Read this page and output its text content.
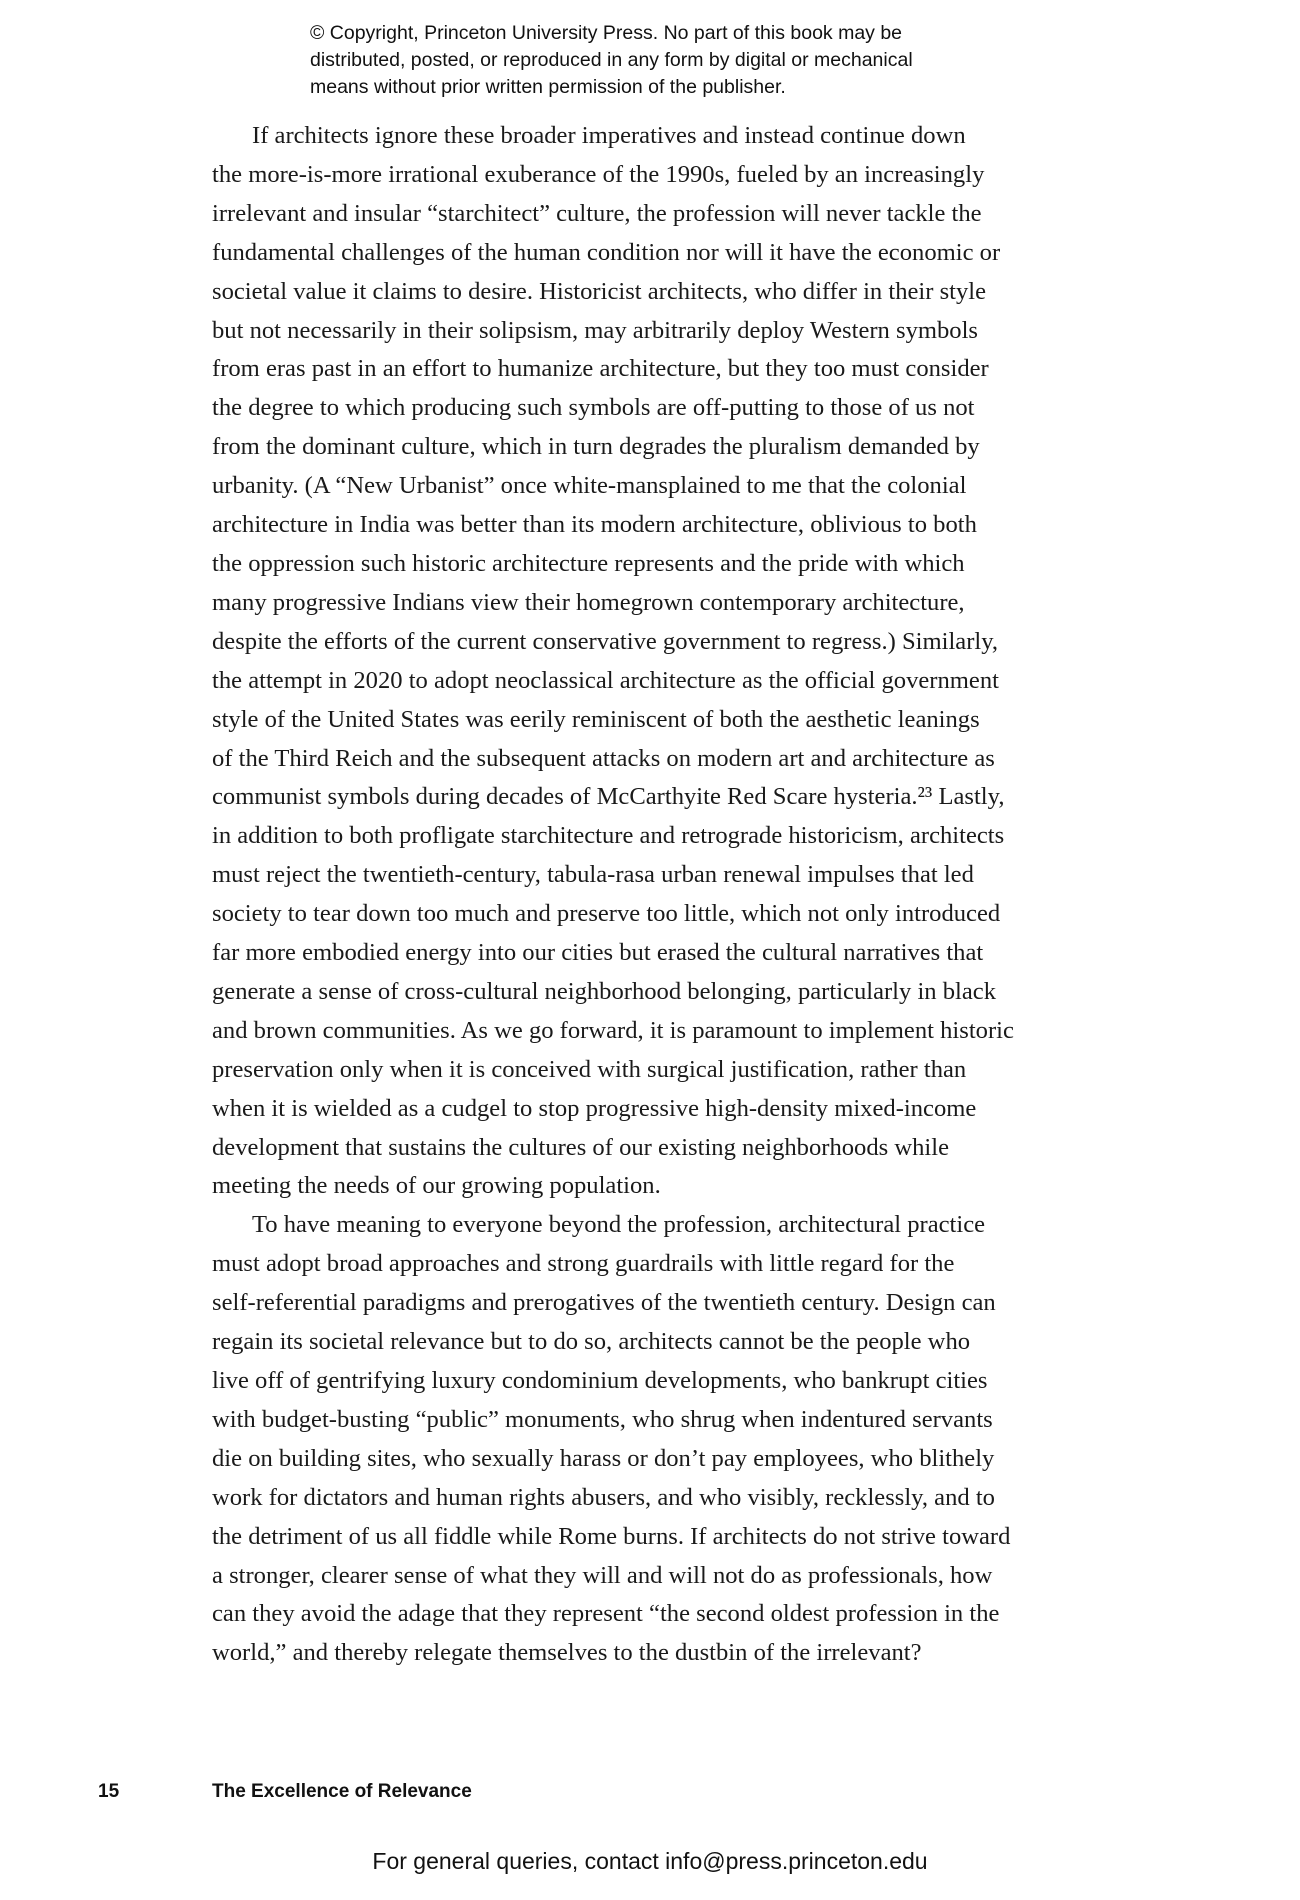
© Copyright, Princeton University Press. No part of this book may be
distributed, posted, or reproduced in any form by digital or mechanical
means without prior written permission of the publisher.
If architects ignore these broader imperatives and instead continue down
the more-is-more irrational exuberance of the 1990s, fueled by an increasingly
irrelevant and insular “starchitect” culture, the profession will never tackle the
fundamental challenges of the human condition nor will it have the economic or
societal value it claims to desire. Historicist architects, who differ in their style
but not necessarily in their solipsism, may arbitrarily deploy Western symbols
from eras past in an effort to humanize architecture, but they too must consider
the degree to which producing such symbols are off-putting to those of us not
from the dominant culture, which in turn degrades the pluralism demanded by
urbanity. (A “New Urbanist” once white-mansplained to me that the colonial
architecture in India was better than its modern architecture, oblivious to both
the oppression such historic architecture represents and the pride with which
many progressive Indians view their homegrown contemporary architecture,
despite the efforts of the current conservative government to regress.) Similarly,
the attempt in 2020 to adopt neoclassical architecture as the official government
style of the United States was eerily reminiscent of both the aesthetic leanings
of the Third Reich and the subsequent attacks on modern art and architecture as
communist symbols during decades of McCarthyite Red Scare hysteria.²³ Lastly,
in addition to both profligate starchitecture and retrograde historicism, architects
must reject the twentieth-century, tabula-rasa urban renewal impulses that led
society to tear down too much and preserve too little, which not only introduced
far more embodied energy into our cities but erased the cultural narratives that
generate a sense of cross-cultural neighborhood belonging, particularly in black
and brown communities. As we go forward, it is paramount to implement historic
preservation only when it is conceived with surgical justification, rather than
when it is wielded as a cudgel to stop progressive high-density mixed-income
development that sustains the cultures of our existing neighborhoods while
meeting the needs of our growing population.
To have meaning to everyone beyond the profession, architectural practice
must adopt broad approaches and strong guardrails with little regard for the
self-referential paradigms and prerogatives of the twentieth century. Design can
regain its societal relevance but to do so, architects cannot be the people who
live off of gentrifying luxury condominium developments, who bankrupt cities
with budget-busting “public” monuments, who shrug when indentured servants
die on building sites, who sexually harass or don’t pay employees, who blithely
work for dictators and human rights abusers, and who visibly, recklessly, and to
the detriment of us all fiddle while Rome burns. If architects do not strive toward
a stronger, clearer sense of what they will and will not do as professionals, how
can they avoid the adage that they represent “the second oldest profession in the
world,” and thereby relegate themselves to the dustbin of the irrelevant?
15	The Excellence of Relevance
For general queries, contact info@press.princeton.edu
